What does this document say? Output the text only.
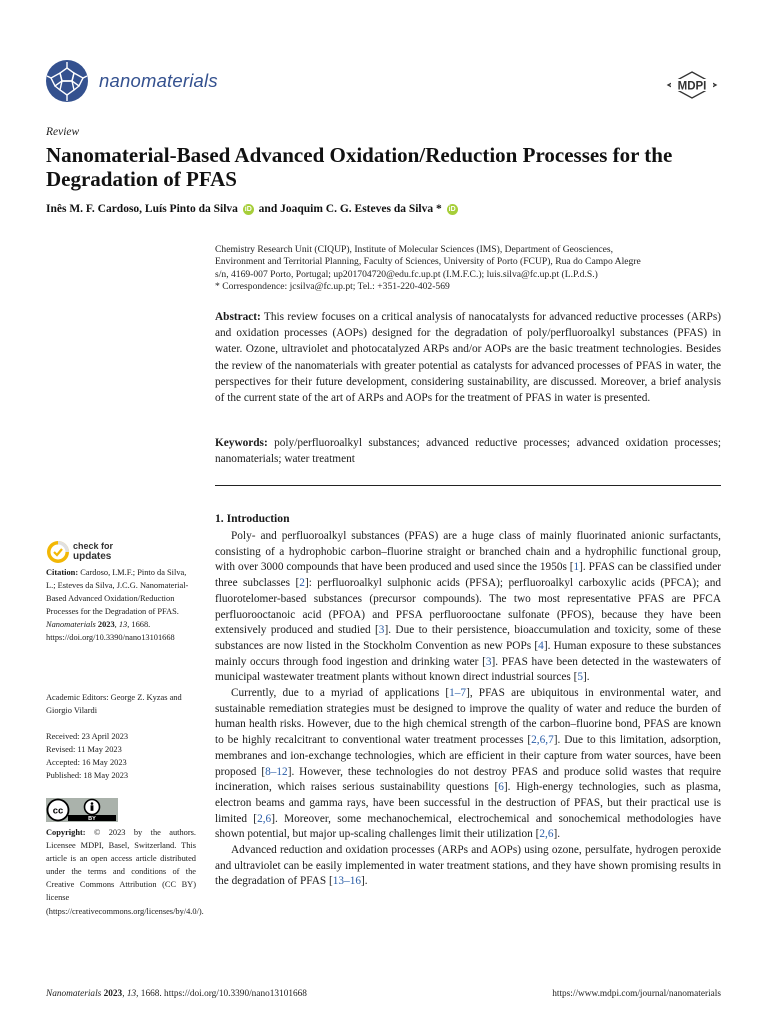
nanomaterials	MDPI
Review
Nanomaterial-Based Advanced Oxidation/Reduction Processes for the Degradation of PFAS
Inês M. F. Cardoso, Luís Pinto da Silva iD and Joaquim C. G. Esteves da Silva * iD
Chemistry Research Unit (CIQUP), Institute of Molecular Sciences (IMS), Department of Geosciences,
Environment and Territorial Planning, Faculty of Sciences, University of Porto (FCUP), Rua do Campo Alegre
s/n, 4169-007 Porto, Portugal; up201704720@edu.fc.up.pt (I.M.F.C.); luis.silva@fc.up.pt (L.P.d.S.)
* Correspondence: jcsilva@fc.up.pt; Tel.: +351-220-402-569
Abstract: This review focuses on a critical analysis of nanocatalysts for advanced reductive processes (ARPs) and oxidation processes (AOPs) designed for the degradation of poly/perfluoroalkyl substances (PFAS) in water. Ozone, ultraviolet and photocatalyzed ARPs and/or AOPs are the basic treatment technologies. Besides the review of the nanomaterials with greater potential as catalysts for advanced processes of PFAS in water, the perspectives for their future development, considering sustainability, are discussed. Moreover, a brief analysis of the current state of the art of ARPs and AOPs for the treatment of PFAS in water is presented.
Keywords: poly/perfluoroalkyl substances; advanced reductive processes; advanced oxidation processes; nanomaterials; water treatment
check for
updates
Citation: Cardoso, I.M.F.; Pinto da Silva, L.; Esteves da Silva, J.C.G. Nanomaterial-Based Advanced Oxidation/Reduction Processes for the Degradation of PFAS. Nanomaterials 2023, 13, 1668. https://doi.org/10.3390/nano13101668
Academic Editors: George Z. Kyzas and Giorgio Vilardi
Received: 23 April 2023
Revised: 11 May 2023
Accepted: 16 May 2023
Published: 18 May 2023
cc
BY
Copyright: © 2023 by the authors. Licensee MDPI, Basel, Switzerland. This article is an open access article distributed under the terms and conditions of the Creative Commons Attribution (CC BY) license (https://creativecommons.org/licenses/by/4.0/).
1. Introduction

Poly- and perfluoroalkyl substances (PFAS) are a huge class of mainly fluorinated anionic surfactants, consisting of a hydrophobic carbon–fluorine straight or branched chain and a hydrophilic functional group, with over 3000 compounds that have been produced and used since the 1950s [1]. PFAS can be classified under three subclasses [2]: perfluoroalkyl sulphonic acids (PFSA); perfluoroalkyl carboxylic acids (PFCA); and fluorotelomer-based substances (precursor compounds). The two most representative PFAS are PFCA perfluorooctanoic acid (PFOA) and PFSA perfluorooctane sulfonate (PFOS), because they have been extensively produced and studied [3]. Due to their persistence, bioaccumulation and toxicity, some of these substances are now listed in the Stockholm Convention as new POPs [4]. Human exposure to these substances mainly occurs through food ingestion and drinking water [3]. PFAS have been detected in the wastewaters of municipal wastewater treatment plants without known direct industrial sources [5].

Currently, due to a myriad of applications [1–7], PFAS are ubiquitous in environmental water, and sustainable remediation strategies must be designed to improve the quality of water and reduce the burden of human health risks. However, due to the high chemical strength of the carbon–fluorine bond, PFAS are known to be highly recalcitrant to conventional water treatment processes [2,6,7]. Due to this limitation, adsorption, membranes and ion-exchange technologies, which are efficient in their capture from water sources, have been proposed [8–12]. However, these technologies do not destroy PFAS and produce solid wastes that require incineration, which raises serious sustainability questions [6]. High-energy technologies, such as plasma, electron beams and gamma rays, have been successful in the destruction of PFAS, but their practical use is limited [2,6]. Moreover, some mechanochemical, electrochemical and sonochemical methodologies have shown potential, but major up-scaling challenges limit their utilization [2,6].

Advanced reduction and oxidation processes (ARPs and AOPs) using ozone, persulfate, hydrogen peroxide and ultraviolet can be easily implemented in water treatment stations, and they have shown promising results in the degradation of PFAS [13–16].

Nanomaterials 2023, 13, 1668. https://doi.org/10.3390/nano13101668	https://www.mdpi.com/journal/nanomaterials
